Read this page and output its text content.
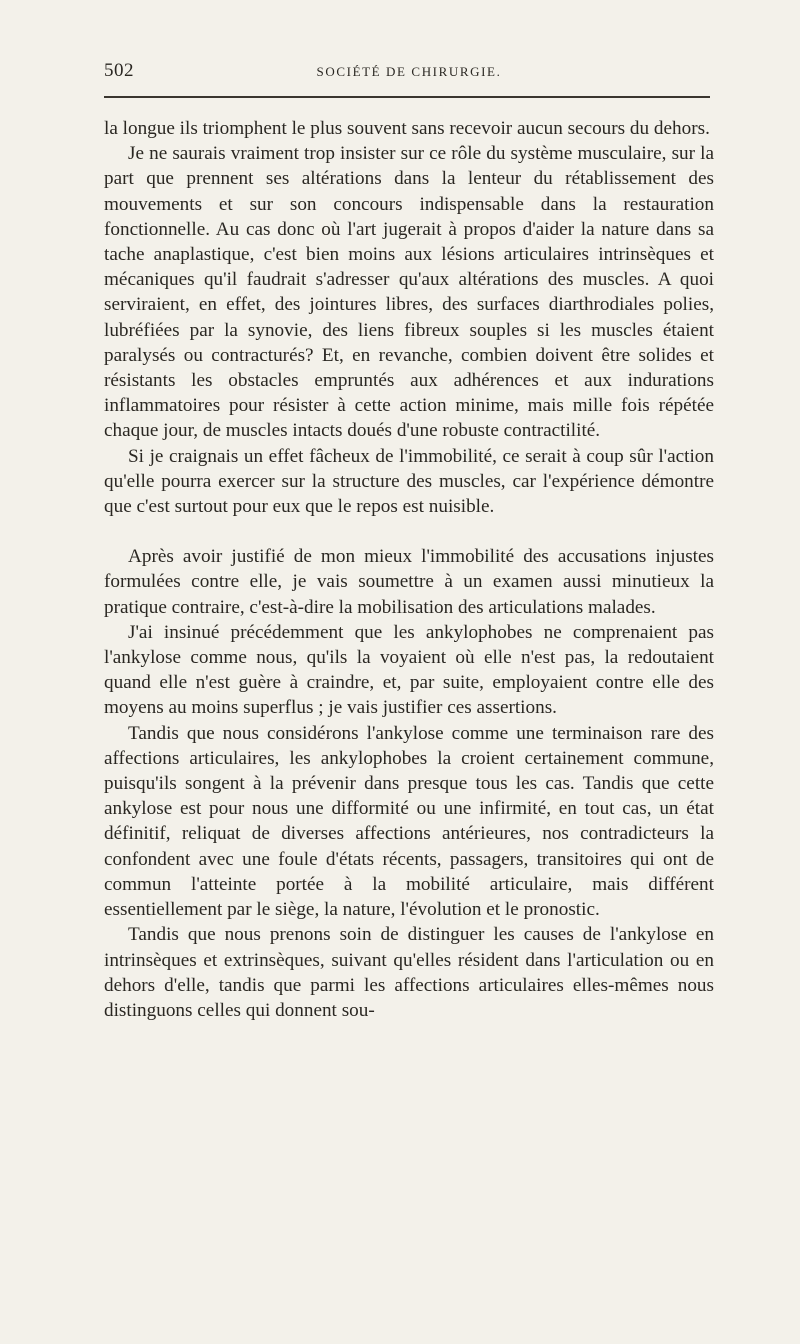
502	SOCIÉTÉ DE CHIRURGIE.

la longue ils triomphent le plus souvent sans recevoir aucun secours du dehors.

Je ne saurais vraiment trop insister sur ce rôle du système musculaire, sur la part que prennent ses altérations dans la lenteur du rétablissement des mouvements et sur son concours indispensable dans la restauration fonctionnelle. Au cas donc où l'art jugerait à propos d'aider la nature dans sa tache anaplastique, c'est bien moins aux lésions articulaires intrinsèques et mécaniques qu'il faudrait s'adresser qu'aux altérations des muscles. A quoi serviraient, en effet, des jointures libres, des surfaces diarthrodiales polies, lubréfiées par la synovie, des liens fibreux souples si les muscles étaient paralysés ou contracturés? Et, en revanche, combien doivent être solides et résistants les obstacles empruntés aux adhérences et aux indurations inflammatoires pour résister à cette action minime, mais mille fois répétée chaque jour, de muscles intacts doués d'une robuste contractilité.

Si je craignais un effet fâcheux de l'immobilité, ce serait à coup sûr l'action qu'elle pourra exercer sur la structure des muscles, car l'expérience démontre que c'est surtout pour eux que le repos est nuisible.

Après avoir justifié de mon mieux l'immobilité des accusations injustes formulées contre elle, je vais soumettre à un examen aussi minutieux la pratique contraire, c'est-à-dire la mobilisation des articulations malades.

J'ai insinué précédemment que les ankylophobes ne comprenaient pas l'ankylose comme nous, qu'ils la voyaient où elle n'est pas, la redoutaient quand elle n'est guère à craindre, et, par suite, employaient contre elle des moyens au moins superflus ; je vais justifier ces assertions.

Tandis que nous considérons l'ankylose comme une terminaison rare des affections articulaires, les ankylophobes la croient certainement commune, puisqu'ils songent à la prévenir dans presque tous les cas. Tandis que cette ankylose est pour nous une difformité ou une infirmité, en tout cas, un état définitif, reliquat de diverses affections antérieures, nos contradicteurs la confondent avec une foule d'états récents, passagers, transitoires qui ont de commun l'atteinte portée à la mobilité articulaire, mais différent essentiellement par le siège, la nature, l'évolution et le pronostic.

Tandis que nous prenons soin de distinguer les causes de l'ankylose en intrinsèques et extrinsèques, suivant qu'elles résident dans l'articulation ou en dehors d'elle, tandis que parmi les affections articulaires elles-mêmes nous distinguons celles qui donnent sou-
